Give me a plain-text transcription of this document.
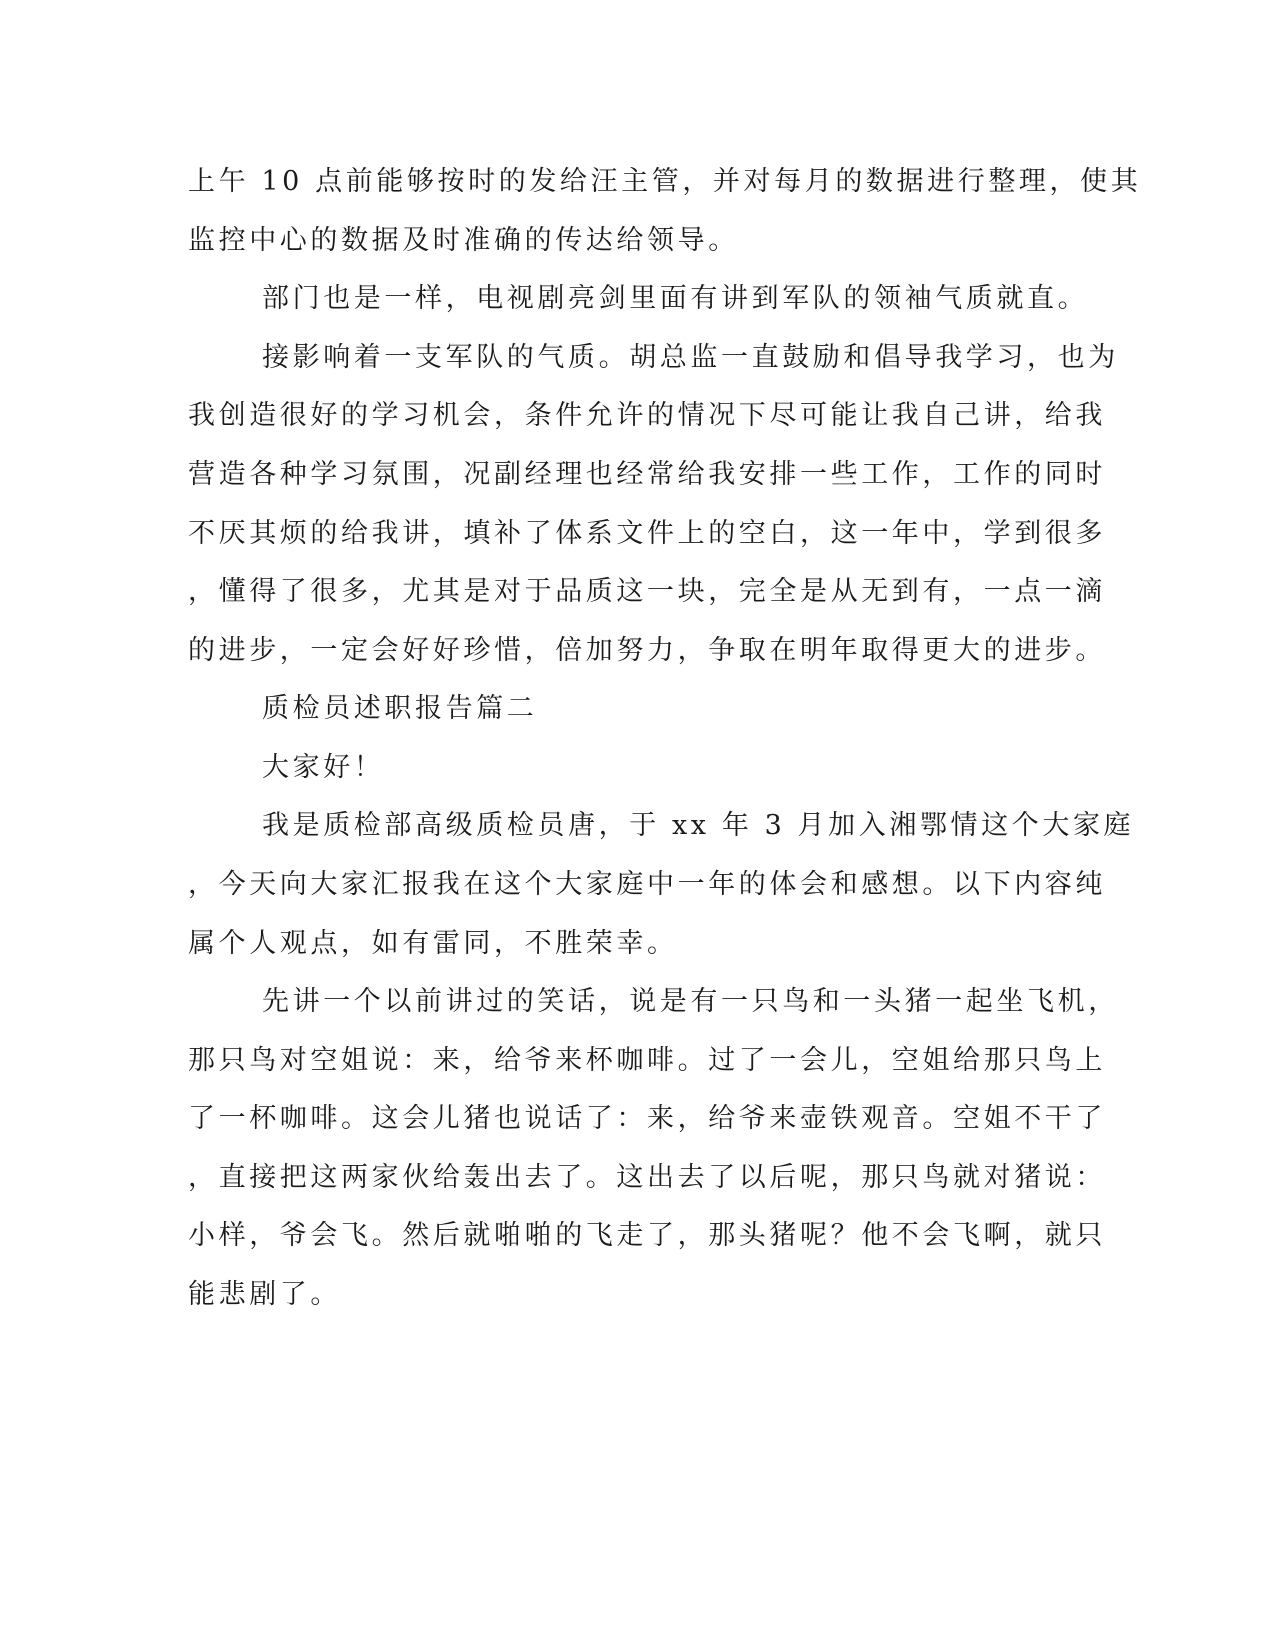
上午 10 点前能够按时的发给汪主管，并对每月的数据进行整理，使其
监控中心的数据及时准确的传达给领导。
部门也是一样，电视剧亮剑里面有讲到军队的领袖气质就直。
接影响着一支军队的气质。胡总监一直鼓励和倡导我学习，也为
我创造很好的学习机会，条件允许的情况下尽可能让我自己讲，给我
营造各种学习氛围，况副经理也经常给我安排一些工作，工作的同时
不厌其烦的给我讲，填补了体系文件上的空白，这一年中，学到很多
，懂得了很多，尤其是对于品质这一块，完全是从无到有，一点一滴
的进步，一定会好好珍惜，倍加努力，争取在明年取得更大的进步。
质检员述职报告篇二
大家好！
我是质检部高级质检员唐，于 xx 年 3 月加入湘鄂情这个大家庭
，今天向大家汇报我在这个大家庭中一年的体会和感想。以下内容纯
属个人观点，如有雷同，不胜荣幸。
先讲一个以前讲过的笑话，说是有一只鸟和一头猪一起坐飞机，
那只鸟对空姐说：来，给爷来杯咖啡。过了一会儿，空姐给那只鸟上
了一杯咖啡。这会儿猪也说话了：来，给爷来壶铁观音。空姐不干了
，直接把这两家伙给轰出去了。这出去了以后呢，那只鸟就对猪说：
小样，爷会飞。然后就啪啪的飞走了，那头猪呢？他不会飞啊，就只
能悲剧了。
